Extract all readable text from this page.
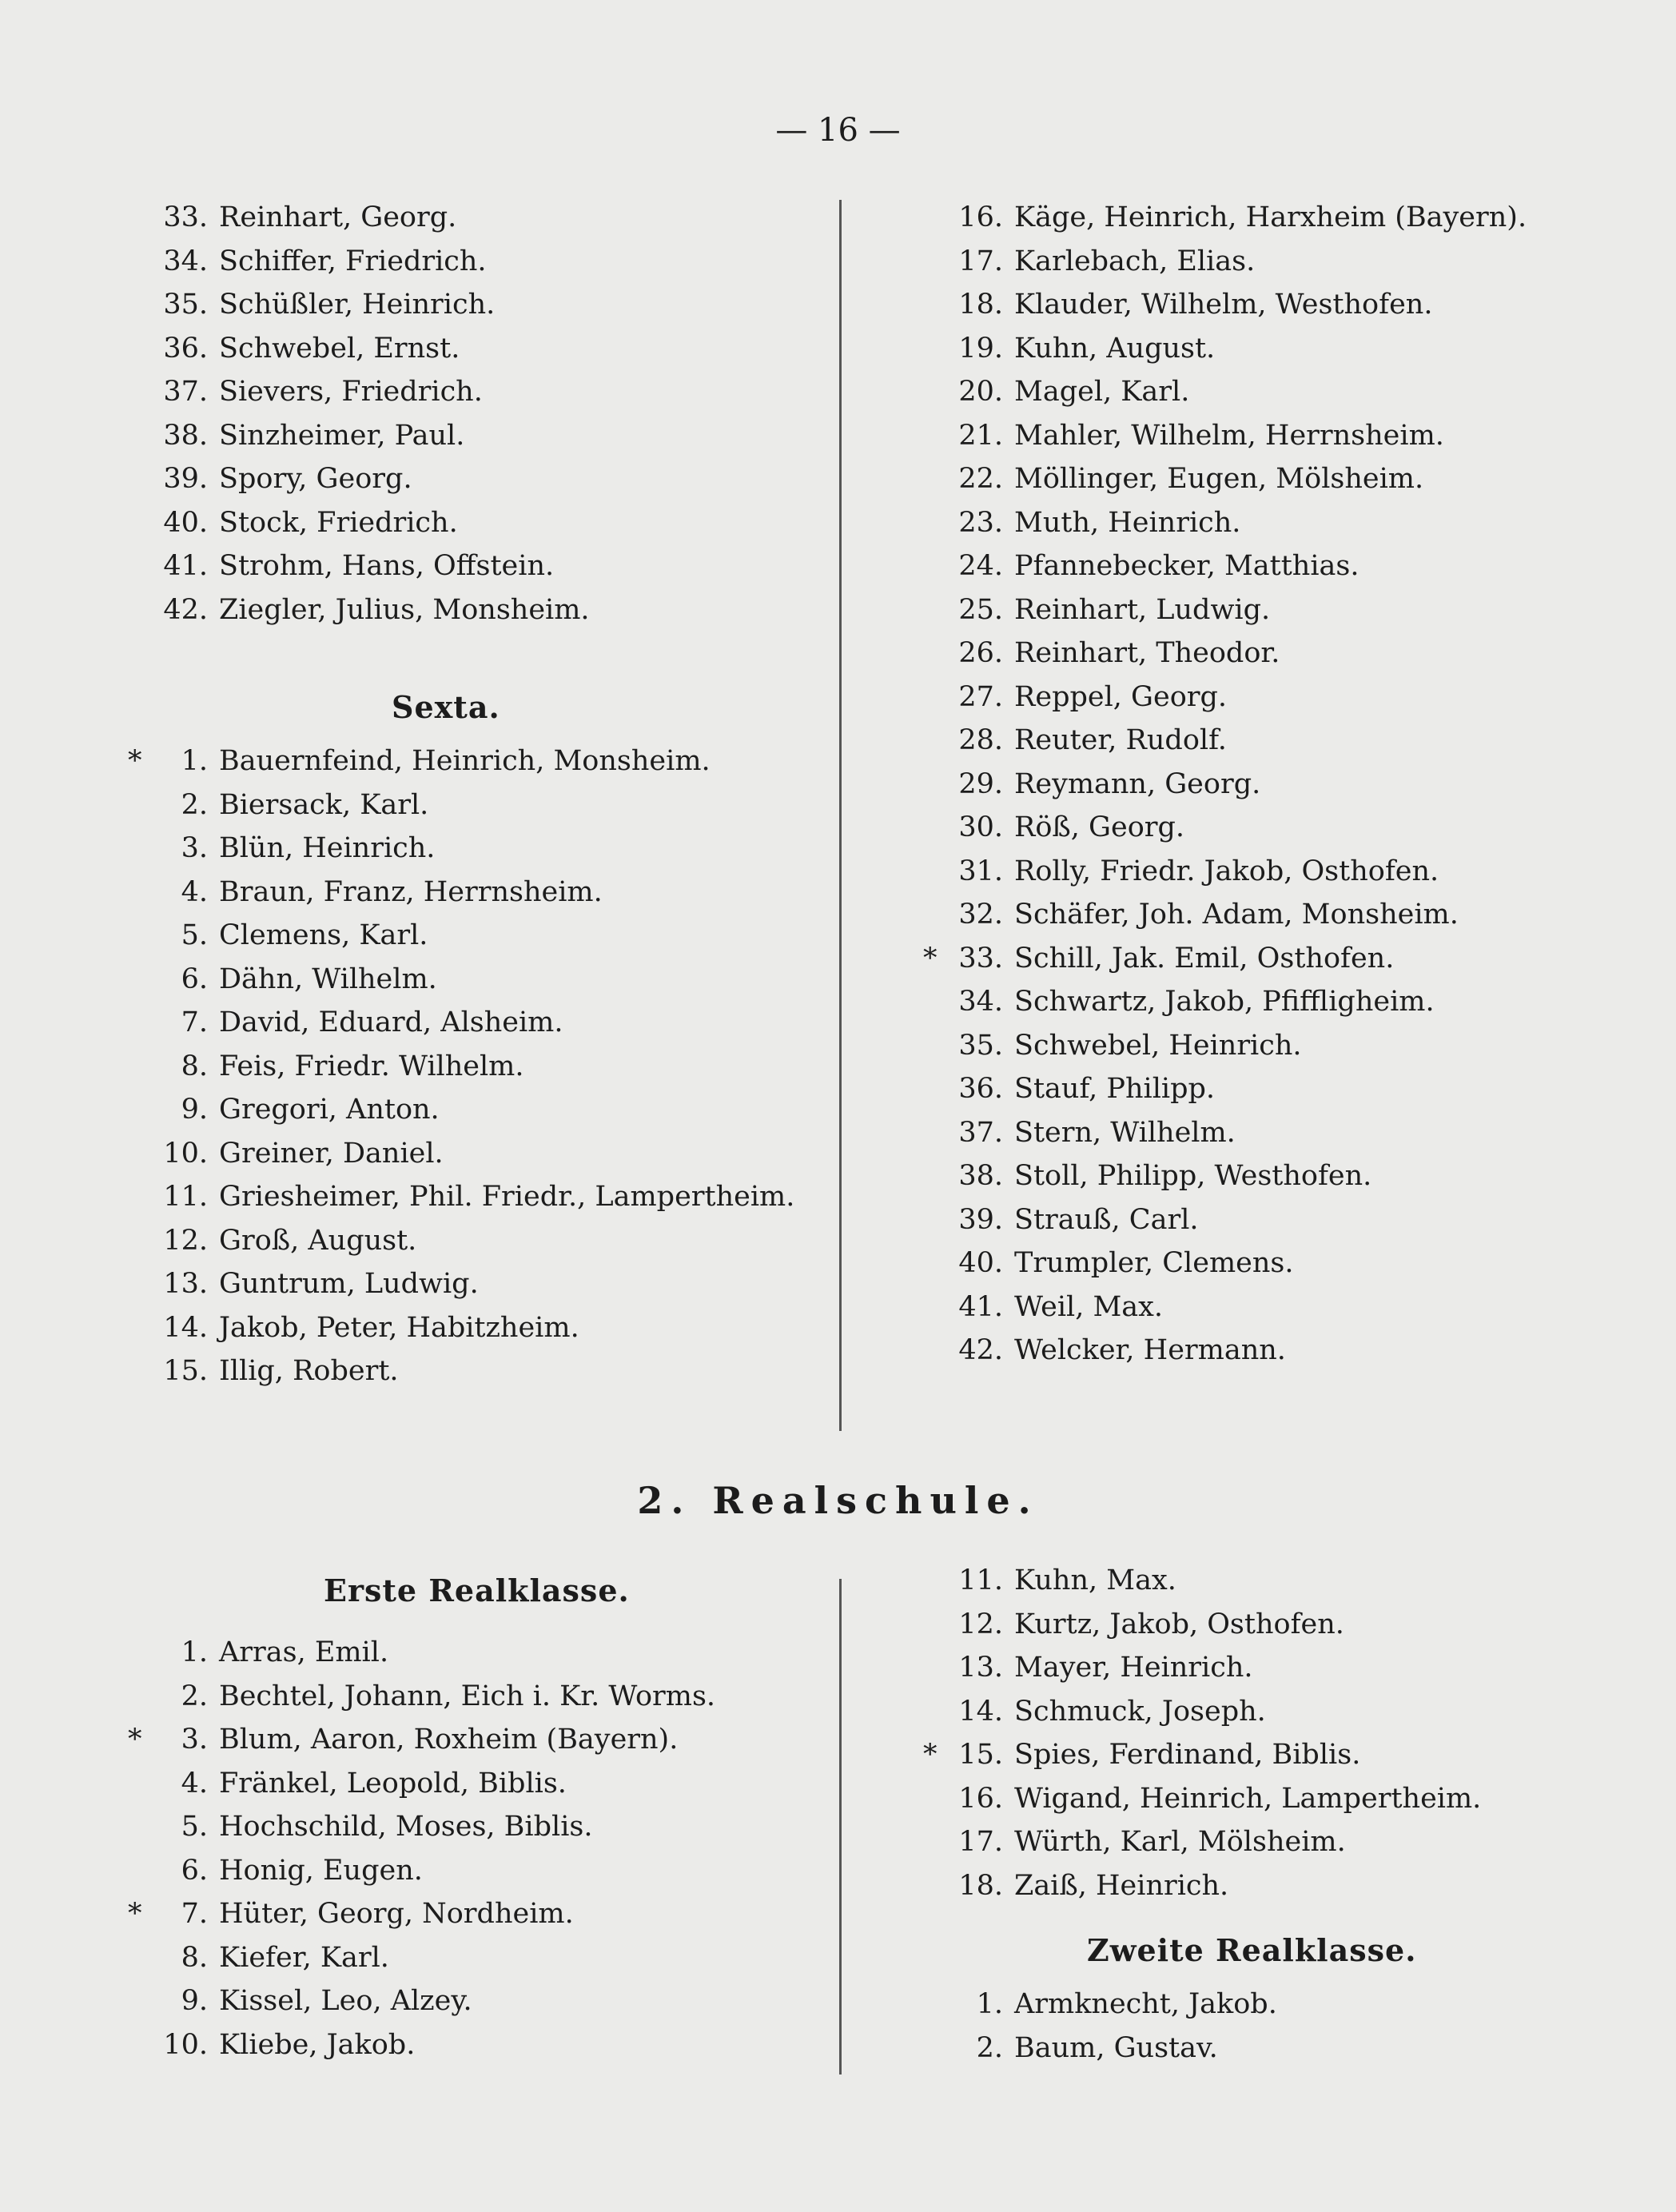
— 16 —
33. Reinhart, Georg.
34. Schiffer, Friedrich.
35. Schüßler, Heinrich.
36. Schwebel, Ernst.
37. Sievers, Friedrich.
38. Sinzheimer, Paul.
39. Spory, Georg.
40. Stock, Friedrich.
41. Strohm, Hans, Offstein.
42. Ziegler, Julius, Monsheim.
Sexta.
* 1. Bauernfeind, Heinrich, Monsheim.
2. Biersack, Karl.
3. Blün, Heinrich.
4. Braun, Franz, Herrnsheim.
5. Clemens, Karl.
6. Dähn, Wilhelm.
7. David, Eduard, Alsheim.
8. Feis, Friedr. Wilhelm.
9. Gregori, Anton.
10. Greiner, Daniel.
11. Griesheimer, Phil. Friedr., Lampertheim.
12. Groß, August.
13. Guntrum, Ludwig.
14. Jakob, Peter, Habitzheim.
15. Illig, Robert.
16. Käge, Heinrich, Harxheim (Bayern).
17. Karlebach, Elias.
18. Klauder, Wilhelm, Westhofen.
19. Kuhn, August.
20. Magel, Karl.
21. Mahler, Wilhelm, Herrnsheim.
22. Möllinger, Eugen, Mölsheim.
23. Muth, Heinrich.
24. Pfannebecker, Matthias.
25. Reinhart, Ludwig.
26. Reinhart, Theodor.
27. Reppel, Georg.
28. Reuter, Rudolf.
29. Reymann, Georg.
30. Röß, Georg.
31. Rolly, Friedr. Jakob, Osthofen.
32. Schäfer, Joh. Adam, Monsheim.
* 33. Schill, Jak. Emil, Osthofen.
34. Schwartz, Jakob, Pfiffligheim.
35. Schwebel, Heinrich.
36. Stauf, Philipp.
37. Stern, Wilhelm.
38. Stoll, Philipp, Westhofen.
39. Strauß, Carl.
40. Trumpler, Clemens.
41. Weil, Max.
42. Welcker, Hermann.
2. Realschule.
Erste Realklasse.
1. Arras, Emil.
2. Bechtel, Johann, Eich i. Kr. Worms.
* 3. Blum, Aaron, Roxheim (Bayern).
4. Fränkel, Leopold, Biblis.
5. Hochschild, Moses, Biblis.
6. Honig, Eugen.
* 7. Hüter, Georg, Nordheim.
8. Kiefer, Karl.
9. Kissel, Leo, Alzey.
10. Kliebe, Jakob.
11. Kuhn, Max.
12. Kurtz, Jakob, Osthofen.
13. Mayer, Heinrich.
14. Schmuck, Joseph.
* 15. Spies, Ferdinand, Biblis.
16. Wigand, Heinrich, Lampertheim.
17. Würth, Karl, Mölsheim.
18. Zaiß, Heinrich.
Zweite Realklasse.
1. Armknecht, Jakob.
2. Baum, Gustav.
